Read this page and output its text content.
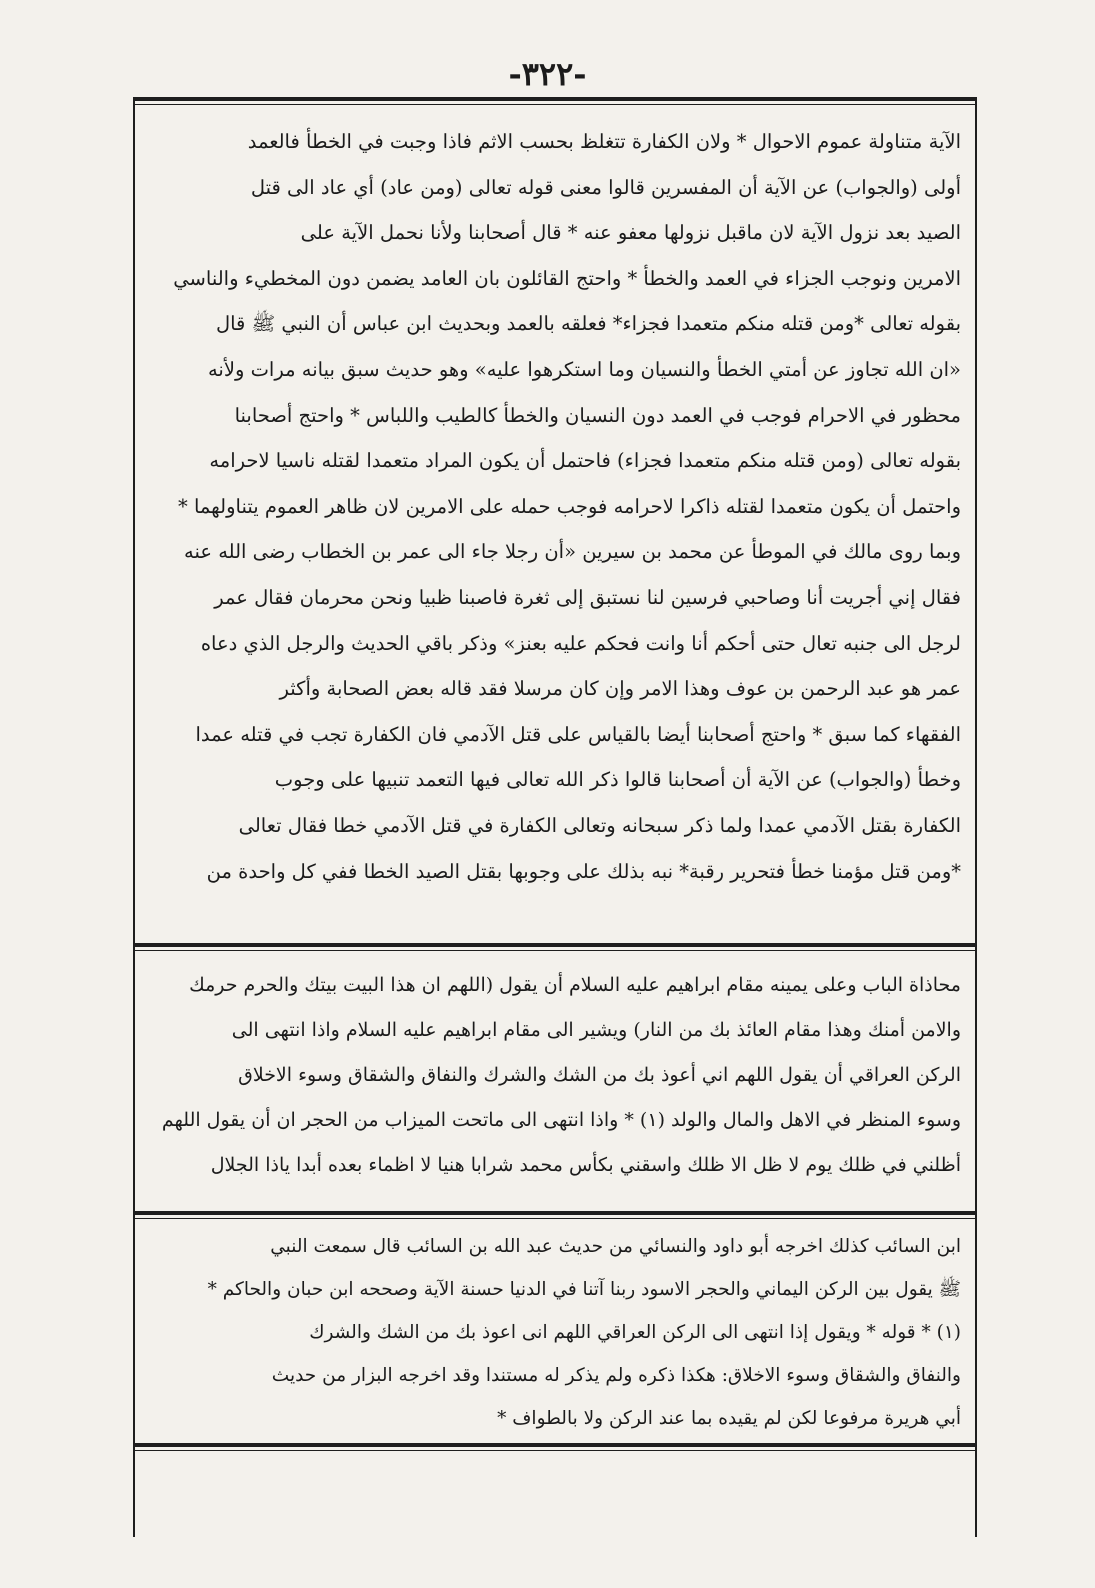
-٣٢٢-
الآية متناولة عموم الاحوال * ولان الكفارة تتغلظ بحسب الاثم فاذا وجبت في الخطأ فالعمد
أولى (والجواب) عن الآية أن المفسرين قالوا معنى قوله تعالى (ومن عاد) أي عاد الى قتل
الصيد بعد نزول الآية لان ماقبل نزولها معفو عنه * قال أصحابنا ولأنا نحمل الآية على
الامرين ونوجب الجزاء في العمد والخطأ * واحتج القائلون بان العامد يضمن دون المخطيء والناسي
بقوله تعالى *ومن قتله منكم متعمدا فجزاء* فعلقه بالعمد وبحديث ابن عباس أن النبي ﷺ قال
«ان الله تجاوز عن أمتي الخطأ والنسيان وما استكرهوا عليه» وهو حديث سبق بيانه مرات ولأنه
محظور في الاحرام فوجب في العمد دون النسيان والخطأ كالطيب واللباس * واحتج أصحابنا
بقوله تعالى (ومن قتله منكم متعمدا فجزاء) فاحتمل أن يكون المراد متعمدا لقتله ناسيا لاحرامه
واحتمل أن يكون متعمدا لقتله ذاكرا لاحرامه فوجب حمله على الامرين لان ظاهر العموم يتناولهما *
وبما روى مالك في الموطأ عن محمد بن سيرين «أن رجلا جاء الى عمر بن الخطاب رضى الله عنه
فقال إني أجريت أنا وصاحبي فرسين لنا نستبق إلى ثغرة فاصبنا ظبيا ونحن محرمان فقال عمر
لرجل الى جنبه تعال حتى أحكم أنا وانت فحكم عليه بعنز» وذكر باقي الحديث والرجل الذي دعاه
عمر هو عبد الرحمن بن عوف وهذا الامر وإن كان مرسلا فقد قاله بعض الصحابة وأكثر
الفقهاء كما سبق * واحتج أصحابنا أيضا بالقياس على قتل الآدمي فان الكفارة تجب في قتله عمدا
وخطأ (والجواب) عن الآية أن أصحابنا قالوا ذكر الله تعالى فيها التعمد تنبيها على وجوب
الكفارة بقتل الآدمي عمدا ولما ذكر سبحانه وتعالى الكفارة في قتل الآدمي خطا فقال تعالى
*ومن قتل مؤمنا خطأ فتحرير رقبة* نبه بذلك على وجوبها بقتل الصيد الخطا ففي كل واحدة من
محاذاة الباب وعلى يمينه مقام ابراهيم عليه السلام أن يقول (اللهم ان هذا البيت بيتك والحرم حرمك
والامن أمنك وهذا مقام العائذ بك من النار) ويشير الى مقام ابراهيم عليه السلام واذا انتهى الى
الركن العراقي أن يقول اللهم اني أعوذ بك من الشك والشرك والنفاق والشقاق وسوء الاخلاق
وسوء المنظر في الاهل والمال والولد (١) * واذا انتهى الى ماتحت الميزاب من الحجر ان أن يقول اللهم
أظلني في ظلك يوم لا ظل الا ظلك واسقني بكأس محمد شرابا هنيا لا اظماء بعده أبدا ياذا الجلال
ابن السائب كذلك اخرجه أبو داود والنسائي من حديث عبد الله بن السائب قال سمعت النبي
ﷺ يقول بين الركن اليماني والحجر الاسود ربنا آتنا في الدنيا حسنة الآية وصححه ابن حبان والحاكم *
(١) * قوله * ويقول إذا انتهى الى الركن العراقي اللهم انى اعوذ بك من الشك والشرك
والنفاق والشقاق وسوء الاخلاق: هكذا ذكره ولم يذكر له مستندا وقد اخرجه البزار من حديث
أبي هريرة مرفوعا لكن لم يقيده بما عند الركن ولا بالطواف *
